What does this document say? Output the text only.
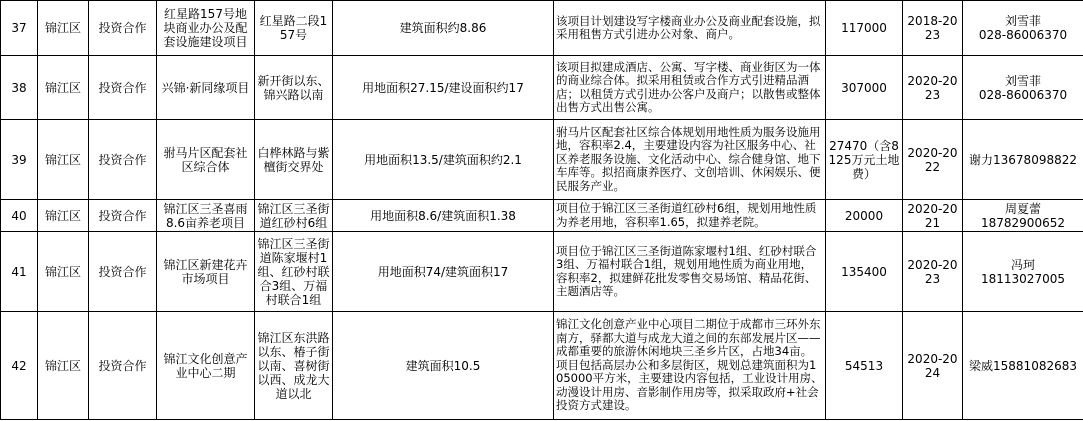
37	锦江区	投资合作	红星路157号地块商业办公及配套设施建设项目	红星路二段157号	建筑面积约8.86	该项目计划建设写字楼商业办公及商业配套设施，拟采用租售方式引进办公对象、商户。	117000	2018-2023	刘雪菲
028-86006370

38	锦江区	投资合作	兴锦·新同缘项目	新开街以东、锦兴路以南	用地面积27.15/建设面积约17	该项目拟建成酒店、公寓、写字楼、商业街区为一体的商业综合体。拟采用租赁或合作方式引进精品酒店；以租赁方式引进办公客户及商户；以散售或整体出售方式出售公寓。	307000	2020-2023	刘雪菲
028-86006370

39	锦江区	投资合作	驸马片区配套社区综合体	白桦林路与紫檀街交界处	用地面积13.5/建筑面积约2.1	驸马片区配套社区综合体规划用地性质为服务设施用地，容积率2.4，主要建设内容为社区服务中心、社区养老服务设施、文化活动中心、综合健身馆、地下车库等。拟招商康养医疗、文创培训、休闲娱乐、便民服务产业。	27470（含8125万元土地费）	2020-2022	谢力13678098822
40	锦江区	投资合作	锦江区三圣喜雨8.6亩养老项目	锦江区三圣街道红砂村6组	用地面积8.6/建筑面积1.38	项目位于锦江区三圣街道红砂村6组，规划用地性质为养老用地，容积率1.65，拟建养老院。	20000	2020-2021	周夏蕾
18782900652

41	锦江区	投资合作	锦江区新建花卉市场项目	锦江区三圣街道陈家堰村1组、红砂村联合3组、万福村联合1组	用地面积74/建筑面积17	项目位于锦江区三圣街道陈家堰村1组、红砂村联合3组、万福村联合1组，规划用地性质为商业用地，容积率2，拟建鲜花批发零售交易场馆、精品花街、主题酒店等。	135400	2020-2023	冯珂
18113027005

42	锦江区	投资合作	锦江文化创意产业中心二期	锦江区东洪路以东、椿子街以南、喜树街以西、成龙大道以北	建筑面积10.5	锦江文化创意产业中心项目二期位于成都市三环外东南方，驿都大道与成龙大道之间的东部发展片区——成都重要的旅游休闲地块三圣乡片区，占地34亩。项目包括高层办公和多层街区，规划总建筑面积为105000平方米，主要建设内容包括，工业设计用房、动漫设计用房、音影制作用房等，拟采取政府+社会投资方式建设。	54513	2020-2024	梁威15881082683
